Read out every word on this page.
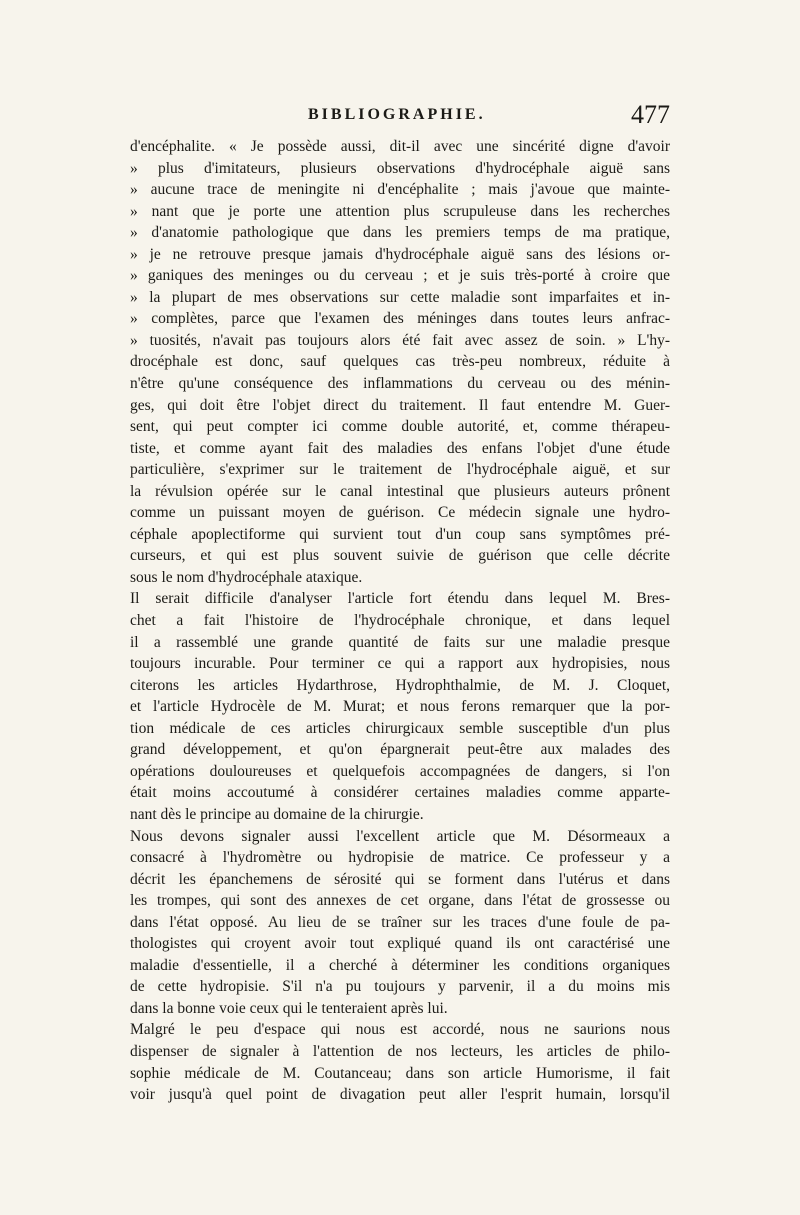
BIBLIOGRAPHIE.	477
d'encéphalite. « Je possède aussi, dit-il avec une sincérité digne d'avoir
» plus d'imitateurs, plusieurs observations d'hydrocéphale aiguë sans
» aucune trace de meningite ni d'encéphalite ; mais j'avoue que mainte-
» nant que je porte une attention plus scrupuleuse dans les recherches
» d'anatomie pathologique que dans les premiers temps de ma pratique,
» je ne retrouve presque jamais d'hydrocéphale aiguë sans des lésions or-
» ganiques des meninges ou du cerveau ; et je suis très-porté à croire que
» la plupart de mes observations sur cette maladie sont imparfaites et in-
» complètes, parce que l'examen des méninges dans toutes leurs anfrac-
» tuosités, n'avait pas toujours alors été fait avec assez de soin. » L'hy-
drocéphale est donc, sauf quelques cas très-peu nombreux, réduite à
n'être qu'une conséquence des inflammations du cerveau ou des ménin-
ges, qui doit être l'objet direct du traitement. Il faut entendre M. Guer-
sent, qui peut compter ici comme double autorité, et, comme thérapeu-
tiste, et comme ayant fait des maladies des enfans l'objet d'une étude
particulière, s'exprimer sur le traitement de l'hydrocéphale aiguë, et sur
la révulsion opérée sur le canal intestinal que plusieurs auteurs prônent
comme un puissant moyen de guérison. Ce médecin signale une hydro-
céphale apoplectiforme qui survient tout d'un coup sans symptômes pré-
curseurs, et qui est plus souvent suivie de guérison que celle décrite
sous le nom d'hydrocéphale ataxique.
Il serait difficile d'analyser l'article fort étendu dans lequel M. Bres-
chet a fait l'histoire de l'hydrocéphale chronique, et dans lequel
il a rassemblé une grande quantité de faits sur une maladie presque
toujours incurable. Pour terminer ce qui a rapport aux hydropisies, nous
citerons les articles Hydarthrose, Hydrophthalmie, de M. J. Cloquet,
et l'article Hydrocèle de M. Murat; et nous ferons remarquer que la por-
tion médicale de ces articles chirurgicaux semble susceptible d'un plus
grand développement, et qu'on épargnerait peut-être aux malades des
opérations douloureuses et quelquefois accompagnées de dangers, si l'on
était moins accoutumé à considérer certaines maladies comme apparte-
nant dès le principe au domaine de la chirurgie.
Nous devons signaler aussi l'excellent article que M. Désormeaux a
consacré à l'hydromètre ou hydropisie de matrice. Ce professeur y a
décrit les épanchemens de sérosité qui se forment dans l'utérus et dans
les trompes, qui sont des annexes de cet organe, dans l'état de grossesse ou
dans l'état opposé. Au lieu de se traîner sur les traces d'une foule de pa-
thologistes qui croyent avoir tout expliqué quand ils ont caractérisé une
maladie d'essentielle, il a cherché à déterminer les conditions organiques
de cette hydropisie. S'il n'a pu toujours y parvenir, il a du moins mis
dans la bonne voie ceux qui le tenteraient après lui.
Malgré le peu d'espace qui nous est accordé, nous ne saurions nous
dispenser de signaler à l'attention de nos lecteurs, les articles de philo-
sophie médicale de M. Coutanceau; dans son article Humorisme, il fait
voir jusqu'à quel point de divagation peut aller l'esprit humain, lorsqu'il
